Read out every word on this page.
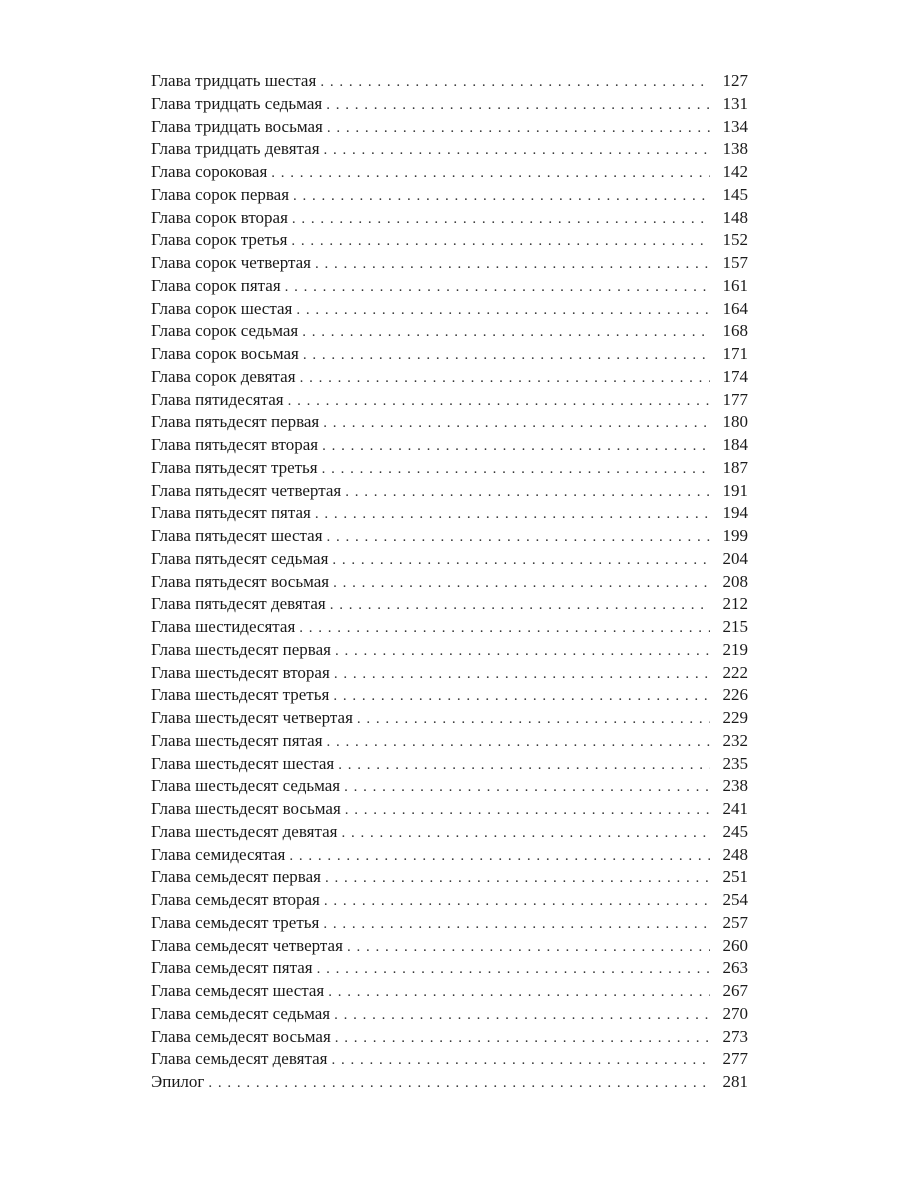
Глава тридцать шестая . . .	127
Глава тридцать седьмая . . .	131
Глава тридцать восьмая . . .	134
Глава тридцать девятая . . .	138
Глава сороковая . . .	142
Глава сорок первая . . .	145
Глава сорок вторая . . .	148
Глава сорок третья . . .	152
Глава сорок четвертая . . .	157
Глава сорок пятая . . .	161
Глава сорок шестая . . .	164
Глава сорок седьмая . . .	168
Глава сорок восьмая . . .	171
Глава сорок девятая . . .	174
Глава пятидесятая . . .	177
Глава пятьдесят первая . . .	180
Глава пятьдесят вторая . . .	184
Глава пятьдесят третья . . .	187
Глава пятьдесят четвертая . . .	191
Глава пятьдесят пятая . . .	194
Глава пятьдесят шестая . . .	199
Глава пятьдесят седьмая . . .	204
Глава пятьдесят восьмая . . .	208
Глава пятьдесят девятая . . .	212
Глава шестидесятая . . .	215
Глава шестьдесят первая . . .	219
Глава шестьдесят вторая . . .	222
Глава шестьдесят третья . . .	226
Глава шестьдесят четвертая . . .	229
Глава шестьдесят пятая . . .	232
Глава шестьдесят шестая . . .	235
Глава шестьдесят седьмая . . .	238
Глава шестьдесят восьмая . . .	241
Глава шестьдесят девятая . . .	245
Глава семидесятая . . .	248
Глава семьдесят первая . . .	251
Глава семьдесят вторая . . .	254
Глава семьдесят третья . . .	257
Глава семьдесят четвертая . . .	260
Глава семьдесят пятая . . .	263
Глава семьдесят шестая . . .	267
Глава семьдесят седьмая . . .	270
Глава семьдесят восьмая . . .	273
Глава семьдесят девятая . . .	277
Эпилог . . .	281
